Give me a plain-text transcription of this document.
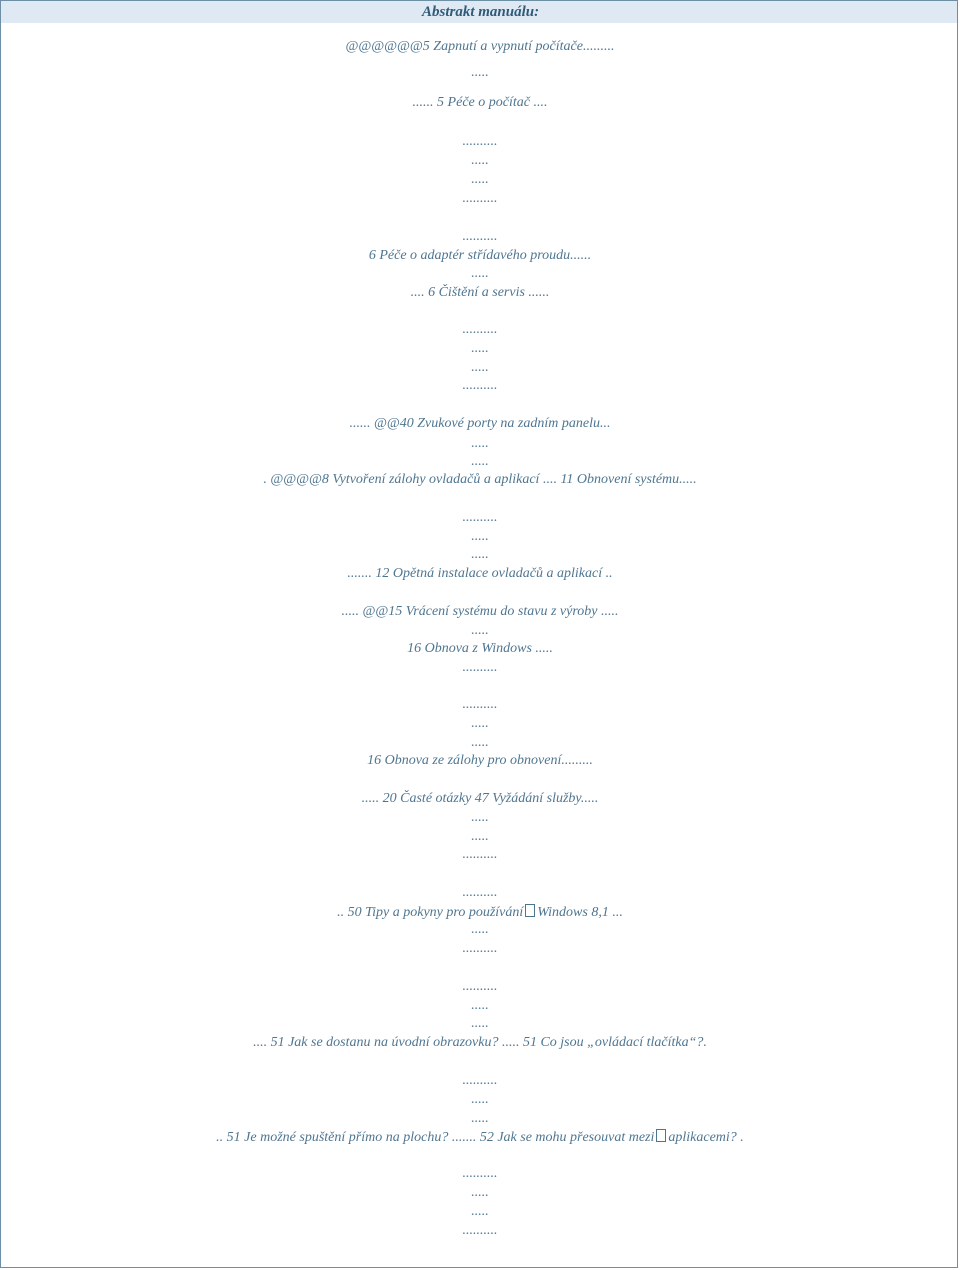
Abstrakt manuálu:
@@@@@@5 Zapnutí a vypnutí počítače.........
.....
...... 5 Péče o počítač ....
..........
.....
.....
..........
..........
6 Péče o adaptér střídavého proudu......
.....
.... 6 Čištění a servis ......
..........
.....
.....
..........
...... @@40 Zvukové porty na zadním panelu...
.....
.....
. @@@@8 Vytvoření zálohy ovladačů a aplikací .... 11 Obnovení systému.....
..........
.....
.....
....... 12 Opětná instalace ovladačů a aplikací ..
..... @@15 Vrácení systému do stavu z výroby .....
.....
16 Obnova z Windows .....
..........
..........
.....
.....
16 Obnova ze zálohy pro obnovení.........
..... 20 Časté otázky 47 Vyžádání služby.....
.....
.....
..........
..........
.. 50 Tipy a pokyny pro používání Windows 8,1 ...
.....
..........
..........
.....
.....
.... 51 Jak se dostanu na úvodní obrazovku? ..... 51 Co jsou „ovládací tlačítka“?.
..........
.....
.....
.. 51 Je možné spuštění přímo na plochu? ....... 52 Jak se mohu přesouvat mezi aplikacemi? .
..........
.....
.....
..........
